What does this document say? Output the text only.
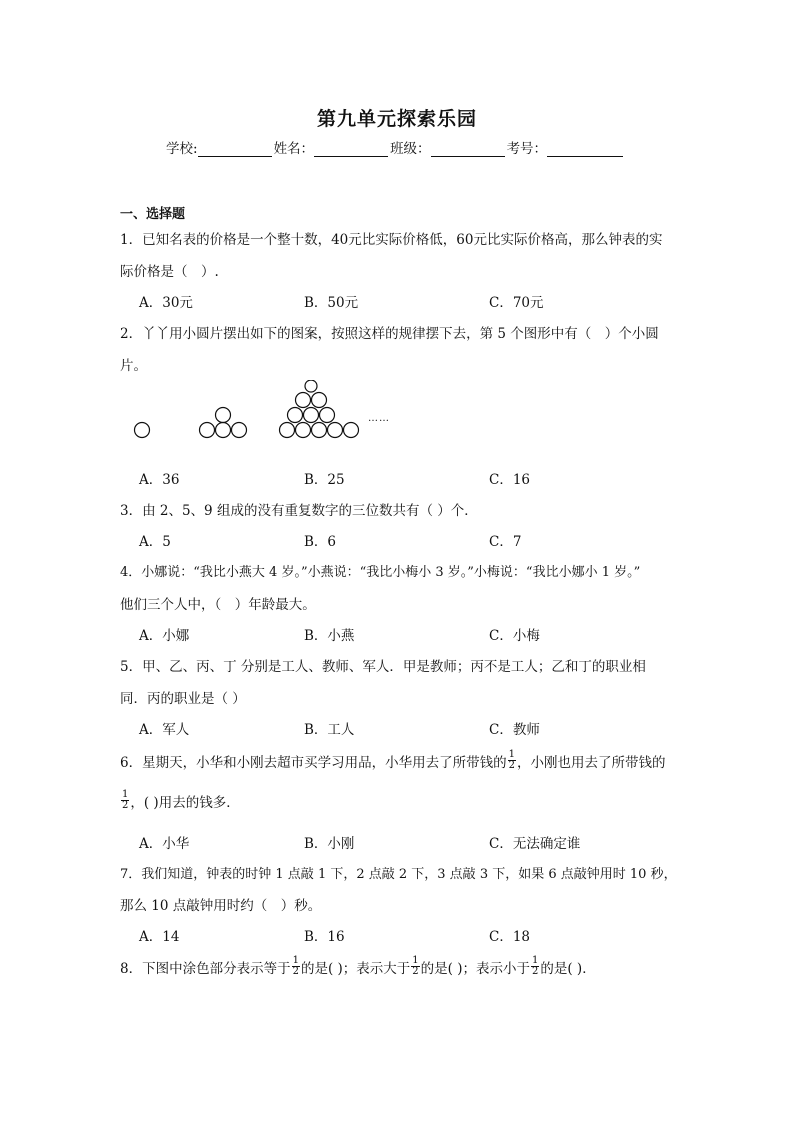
第九单元探索乐园
学校:	姓名：	班级：	考号：
一、选择题
1．已知名表的价格是一个整十数，40元比实际价格低，60元比实际价格高，那么钟表的实
际价格是（　）.
A．30元	B．50元	C．70元
2．丫丫用小圆片摆出如下的图案，按照这样的规律摆下去，第 5 个图形中有（　）个小圆
片。
……
A．36	B．25	C．16
3．由 2、5、9 组成的没有重复数字的三位数共有（ ）个．
A．5	B．6	C．7
4．小娜说：“我比小燕大 4 岁。”小燕说：“我比小梅小 3 岁。”小梅说：“我比小娜小 1 岁。”
他们三个人中，（　）年龄最大。
A．小娜	B．小燕	C．小梅
5．甲、乙、丙、丁 分别是工人、教师、军人．甲是教师；丙不是工人；乙和丁的职业相
同．丙的职业是（ ）
A．军人	B．工人	C．教师
6．星期天，小华和小刚去超市买学习用品，小华用去了所带钱的 $\frac{1}{2}$ ，小刚也用去了所带钱的
$\frac{1}{2}$ ，( )用去的钱多．
A．小华	B．小刚	C．无法确定谁
7．我们知道，钟表的时钟 1 点敲 1 下，2 点敲 2 下，3 点敲 3 下，如果 6 点敲钟用时 10 秒，
那么 10 点敲钟用时约（　）秒。
A．14	B．16	C．18
8．下图中涂色部分表示等于 $\frac{1}{2}$ 的是( )；表示大于 $\frac{1}{2}$ 的是( )；表示小于 $\frac{1}{2}$ 的是( )．
